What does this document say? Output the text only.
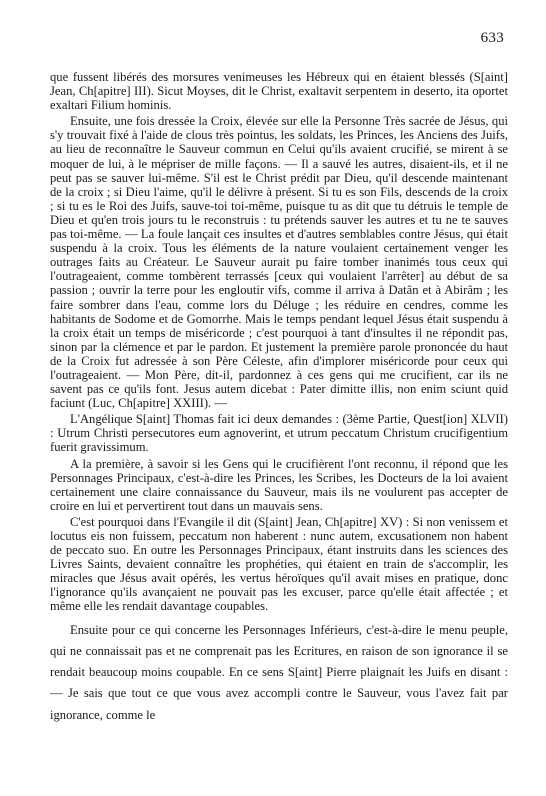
633

que fussent libérés des morsures venimeuses les Hébreux qui en étaient blessés (S[aint] Jean, Ch[apitre] III). Sicut Moyses, dit le Christ, exaltavit serpentem in deserto, ita oportet exaltari Filium hominis.

Ensuite, une fois dressée la Croix, élevée sur elle la Personne Très sacrée de Jésus, qui s'y trouvait fixé à l'aide de clous très pointus, les soldats, les Princes, les Anciens des Juifs, au lieu de reconnaître le Sauveur commun en Celui qu'ils avaient crucifié, se mirent à se moquer de lui, à le mépriser de mille façons. — Il a sauvé les autres, disaient-ils, et il ne peut pas se sauver lui-même. S'il est le Christ prédit par Dieu, qu'il descende maintenant de la croix ; si Dieu l'aime, qu'il le délivre à présent. Si tu es son Fils, descends de la croix ; si tu es le Roi des Juifs, sauve-toi toi-même, puisque tu as dit que tu détruis le temple de Dieu et qu'en trois jours tu le reconstruis : tu prétends sauver les autres et tu ne te sauves pas toi-même. — La foule lançait ces insultes et d'autres semblables contre Jésus, qui était suspendu à la croix. Tous les éléments de la nature voulaient certainement venger les outrages faits au Créateur. Le Sauveur aurait pu faire tomber inanimés tous ceux qui l'outrageaient, comme tombèrent terrassés [ceux qui voulaient l'arrêter] au début de sa passion ; ouvrir la terre pour les engloutir vifs, comme il arriva à Datân et à Abirâm ; les faire sombrer dans l'eau, comme lors du Déluge ; les réduire en cendres, comme les habitants de Sodome et de Gomorrhe. Mais le temps pendant lequel Jésus était suspendu à la croix était un temps de miséricorde ; c'est pourquoi à tant d'insultes il ne répondit pas, sinon par la clémence et par le pardon. Et justement la première parole prononcée du haut de la Croix fut adressée à son Père Céleste, afin d'implorer miséricorde pour ceux qui l'outrageaient. — Mon Père, dit-il, pardonnez à ces gens qui me crucifient, car ils ne savent pas ce qu'ils font. Jesus autem dicebat : Pater dimitte illis, non enim sciunt quid faciunt (Luc, Ch[apitre] XXIII). —

L'Angélique S[aint] Thomas fait ici deux demandes : (3ème Partie, Quest[ion] XLVII) : Utrum Christi persecutores eum agnoverint, et utrum peccatum Christum crucifigentium fuerit gravissimum.

A la première, à savoir si les Gens qui le crucifièrent l'ont reconnu, il répond que les Personnages Principaux, c'est-à-dire les Princes, les Scribes, les Docteurs de la loi avaient certainement une claire connaissance du Sauveur, mais ils ne voulurent pas accepter de croire en lui et pervertirent tout dans un mauvais sens.

C'est pourquoi dans l'Evangile il dit (S[aint] Jean, Ch[apitre] XV) : Si non venissem et locutus eis non fuissem, peccatum non haberent : nunc autem, excusationem non habent de peccato suo. En outre les Personnages Principaux, étant instruits dans les sciences des Livres Saints, devaient connaître les prophéties, qui étaient en train de s'accomplir, les miracles que Jésus avait opérés, les vertus héroïques qu'il avait mises en pratique, donc l'ignorance qu'ils avançaient ne pouvait pas les excuser, parce qu'elle était affectée ; et même elle les rendait davantage coupables.

Ensuite pour ce qui concerne les Personnages Inférieurs, c'est-à-dire le menu peuple, qui ne connaissait pas et ne comprenait pas les Ecritures, en raison de son ignorance il se rendait beaucoup moins coupable. En ce sens S[aint] Pierre plaignait les Juifs en disant : — Je sais que tout ce que vous avez accompli contre le Sauveur, vous l'avez fait par ignorance, comme le
